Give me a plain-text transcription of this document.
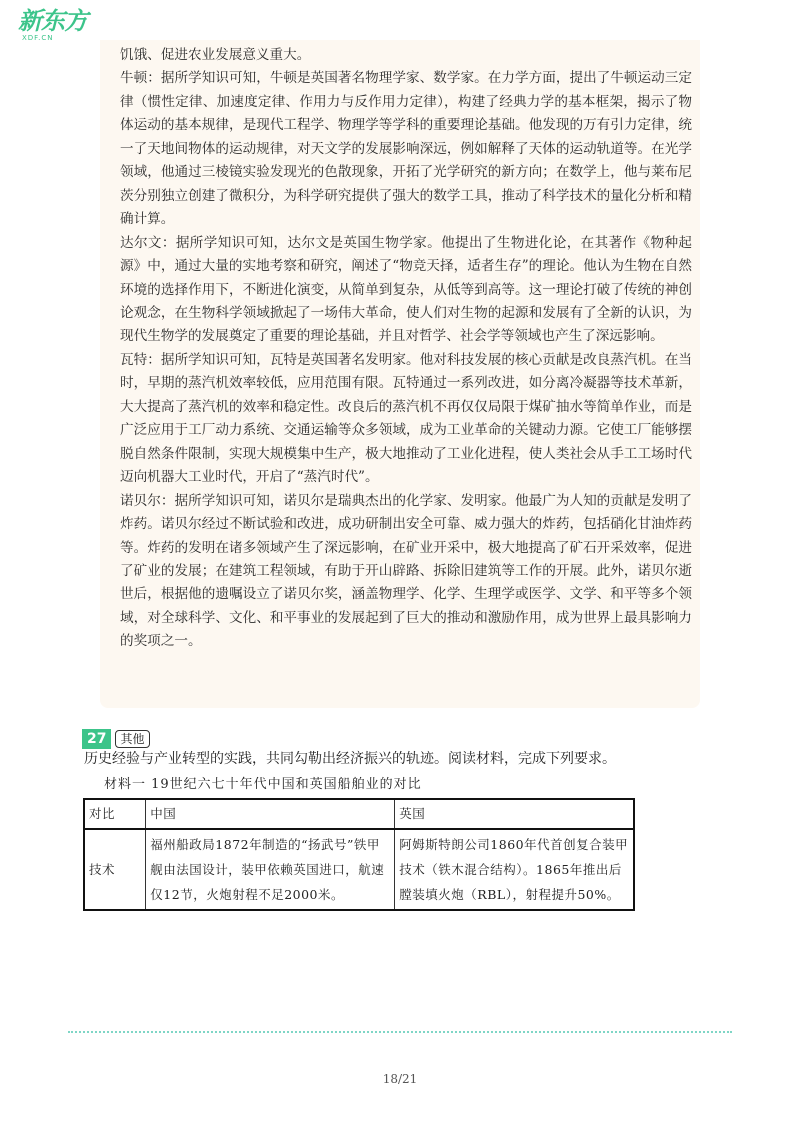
新东方
XDF.CN

饥饿、促进农业发展意义重大。

牛顿：据所学知识可知，牛顿是英国著名物理学家、数学家。在力学方面，提出了牛顿运动三定律（惯性定律、加速度定律、作用力与反作用力定律），构建了经典力学的基本框架，揭示了物体运动的基本规律，是现代工程学、物理学等学科的重要理论基础。他发现的万有引力定律，统一了天地间物体的运动规律，对天文学的发展影响深远，例如解释了天体的运动轨道等。在光学领域，他通过三棱镜实验发现光的色散现象，开拓了光学研究的新方向；在数学上，他与莱布尼茨分别独立创建了微积分，为科学研究提供了强大的数学工具，推动了科学技术的量化分析和精确计算。

达尔文：据所学知识可知，达尔文是英国生物学家。他提出了生物进化论，在其著作《物种起源》中，通过大量的实地考察和研究，阐述了“物竞天择，适者生存”的理论。他认为生物在自然环境的选择作用下，不断进化演变，从简单到复杂，从低等到高等。这一理论打破了传统的神创论观念，在生物科学领域掀起了一场伟大革命，使人们对生物的起源和发展有了全新的认识，为现代生物学的发展奠定了重要的理论基础，并且对哲学、社会学等领域也产生了深远影响。

瓦特：据所学知识可知，瓦特是英国著名发明家。他对科技发展的核心贡献是改良蒸汽机。在当时，早期的蒸汽机效率较低，应用范围有限。瓦特通过一系列改进，如分离冷凝器等技术革新，大大提高了蒸汽机的效率和稳定性。改良后的蒸汽机不再仅仅局限于煤矿抽水等简单作业，而是广泛应用于工厂动力系统、交通运输等众多领域，成为工业革命的关键动力源。它使工厂能够摆脱自然条件限制，实现大规模集中生产，极大地推动了工业化进程，使人类社会从手工工场时代迈向机器大工业时代，开启了“蒸汽时代”。

诺贝尔：据所学知识可知，诺贝尔是瑞典杰出的化学家、发明家。他最广为人知的贡献是发明了炸药。诺贝尔经过不断试验和改进，成功研制出安全可靠、威力强大的炸药，包括硝化甘油炸药等。炸药的发明在诸多领域产生了深远影响，在矿业开采中，极大地提高了矿石开采效率，促进了矿业的发展；在建筑工程领域，有助于开山辟路、拆除旧建筑等工作的开展。此外，诺贝尔逝世后，根据他的遗嘱设立了诺贝尔奖，涵盖物理学、化学、生理学或医学、文学、和平等多个领域，对全球科学、文化、和平事业的发展起到了巨大的推动和激励作用，成为世界上最具影响力的奖项之一。

27	其他
历史经验与产业转型的实践，共同勾勒出经济振兴的轨迹。阅读材料，完成下列要求。
材料一 19世纪六七十年代中国和英国船舶业的对比
对比	中国	英国
技术	福州船政局1872年制造的“扬武号”铁甲舰由法国设计，装甲依赖英国进口，航速仅12节，火炮射程不足2000米。	阿姆斯特朗公司1860年代首创复合装甲技术（铁木混合结构）。1865年推出后膛装填火炮（RBL），射程提升50%。
18/21
